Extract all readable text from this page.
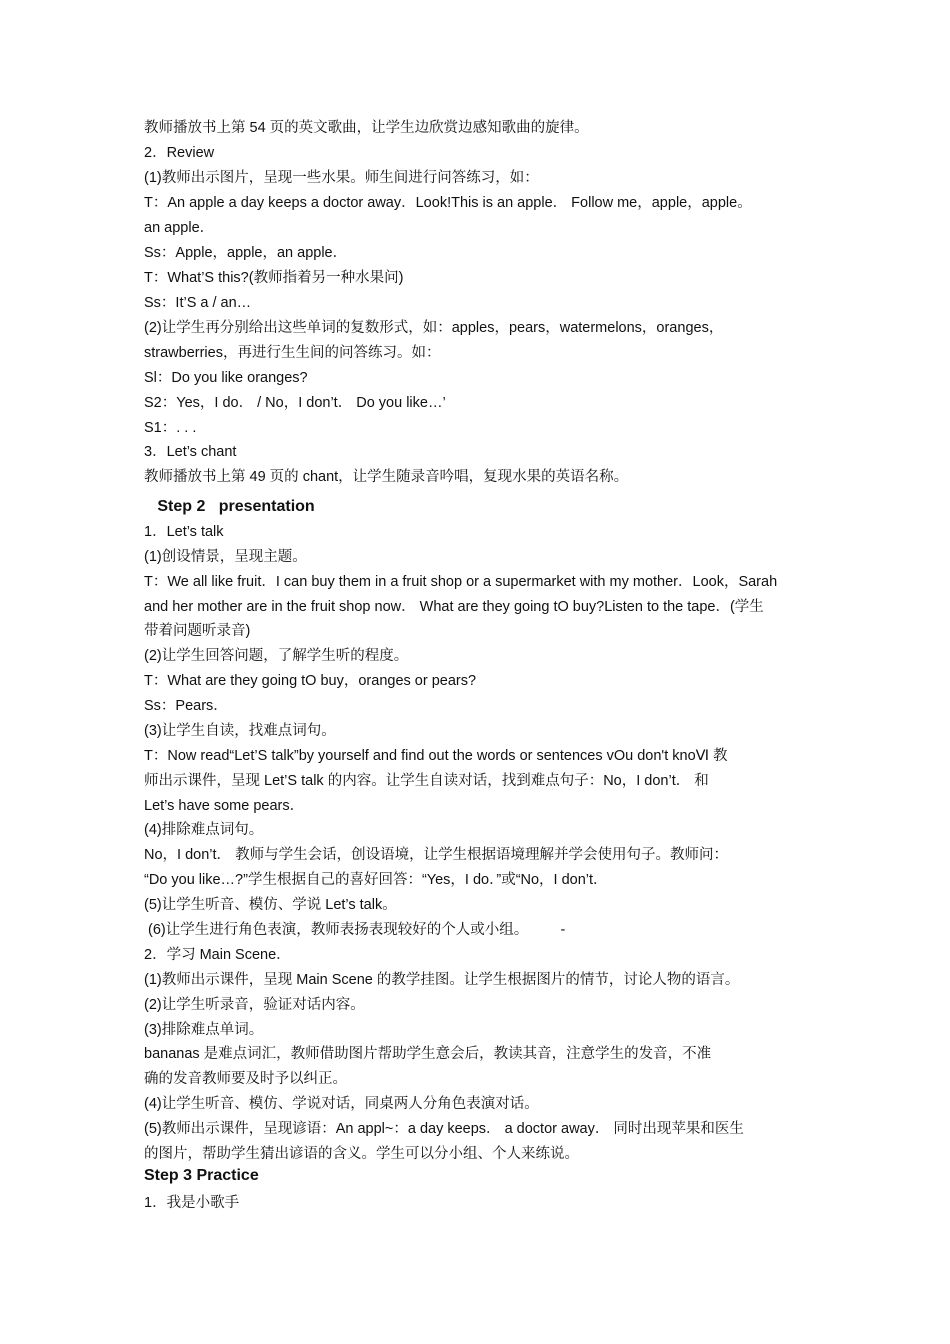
教师播放书上第 54 页的英文歌曲，让学生边欣赏边感知歌曲的旋律。
2．Review
(1)教师出示图片，呈现一些水果。师生间进行问答练习，如：
T：An apple a day keeps a doctor away．Look!This is an apple． Follow me，apple，apple。
an apple．
Ss：Apple，apple，an apple．
T：What’S this?(教师指着另一种水果问)
Ss：It’S a / an…
(2)让学生再分别给出这些单词的复数形式，如：apples，pears，watermelons，oranges，
strawberries，再进行生生间的问答练习。如：
Sl：Do you like oranges?
S2：Yes，I do． / No，I don’t． Do you like…’
S1：. . .
3．Let’s chant
教师播放书上第 49 页的 chant，让学生随录音吟唱，复现水果的英语名称。
Step 2   presentation
1．Let’s talk
(1)创设情景，呈现主题。
T：We all like fruit．I can buy them in a fruit shop or a supermarket with my mother．Look，Sarah
and her mother are in the fruit shop now． What are they going tO buy?Listen to the tape．(学生
带着问题听录音)
(2)让学生回答问题，了解学生听的程度。
T：What are they going tO buy，oranges or pears?
Ss：Pears．
(3)让学生自读，找难点词句。
T：Now read“Let’S talk”by yourself and find out the words or sentences vOu don't knoⅥ 教
师出示课件，呈现 Let’S talk 的内容。让学生自读对话，找到难点句子：No，I don’t． 和
Let’s have some pears．
(4)排除难点词句。
No，I don’t． 教师与学生会话，创设语境，让学生根据语境理解并学会使用句子。教师问：
“Do you like…?”学生根据自己的喜好回答：“Yes，I do．”或“No，I don’t．
(5)让学生听音、模仿、学说 Let’s talk。
(6)让学生进行角色表演，教师表扬表现较好的个人或小组。        -
2．学习 Main Scene．
(1)教师出示课件，呈现 Main Scene 的教学挂图。让学生根据图片的情节，讨论人物的语言。
(2)让学生听录音，验证对话内容。
(3)排除难点单词。
bananas 是难点词汇，教师借助图片帮助学生意会后，教读其音，注意学生的发音，不准
确的发音教师要及时予以纠正。
(4)让学生听音、模仿、学说对话，同桌两人分角色表演对话。
(5)教师出示课件，呈现谚语：An appl~：a day keeps． a doctor away． 同时出现苹果和医生
的图片，帮助学生猜出谚语的含义。学生可以分小组、个人来练说。
Step 3 Practice
1．我是小歌手
